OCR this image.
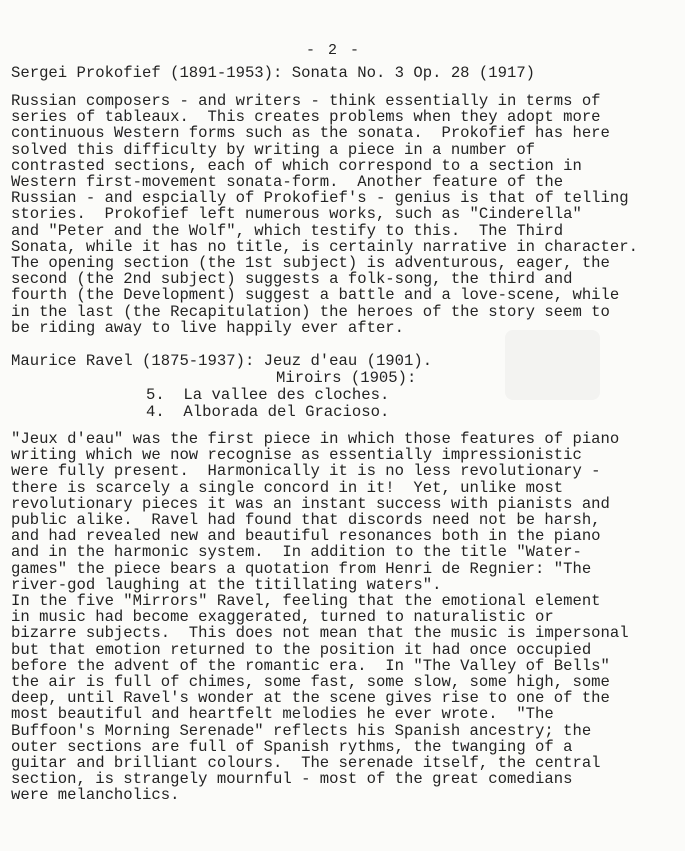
- 2 -
Sergei Prokofief (1891-1953): Sonata No. 3 Op. 28 (1917)
Russian composers - and writers - think essentially in terms of
series of tableaux.  This creates problems when they adopt more
continuous Western forms such as the sonata.  Prokofief has here
solved this difficulty by writing a piece in a number of
contrasted sections, each of which correspond to a section in
Western first-movement sonata-form.  Another feature of the
Russian - and espcially of Prokofief's - genius is that of telling
stories.  Prokofief left numerous works, such as "Cinderella"
and "Peter and the Wolf", which testify to this.  The Third
Sonata, while it has no title, is certainly narrative in character.
The opening section (the 1st subject) is adventurous, eager, the
second (the 2nd subject) suggests a folk-song, the third and
fourth (the Development) suggest a battle and a love-scene, while
in the last (the Recapitulation) the heroes of the story seem to
be riding away to live happily ever after.
Maurice Ravel (1875-1937): Jeuz d'eau (1901).
Miroirs (1905):
5.  La vallee des cloches.
4.  Alborada del Gracioso.
"Jeux d'eau" was the first piece in which those features of piano
writing which we now recognise as essentially impressionistic
were fully present.  Harmonically it is no less revolutionary -
there is scarcely a single concord in it!  Yet, unlike most
revolutionary pieces it was an instant success with pianists and
public alike.  Ravel had found that discords need not be harsh,
and had revealed new and beautiful resonances both in the piano
and in the harmonic system.  In addition to the title "Water-
games" the piece bears a quotation from Henri de Regnier: "The
river-god laughing at the titillating waters".
In the five "Mirrors" Ravel, feeling that the emotional element
in music had become exaggerated, turned to naturalistic or
bizarre subjects.  This does not mean that the music is impersonal
but that emotion returned to the position it had once occupied
before the advent of the romantic era.  In "The Valley of Bells"
the air is full of chimes, some fast, some slow, some high, some
deep, until Ravel's wonder at the scene gives rise to one of the
most beautiful and heartfelt melodies he ever wrote.  "The
Buffoon's Morning Serenade" reflects his Spanish ancestry; the
outer sections are full of Spanish rythms, the twanging of a
guitar and brilliant colours.  The serenade itself, the central
section, is strangely mournful - most of the great comedians
were melancholics.
